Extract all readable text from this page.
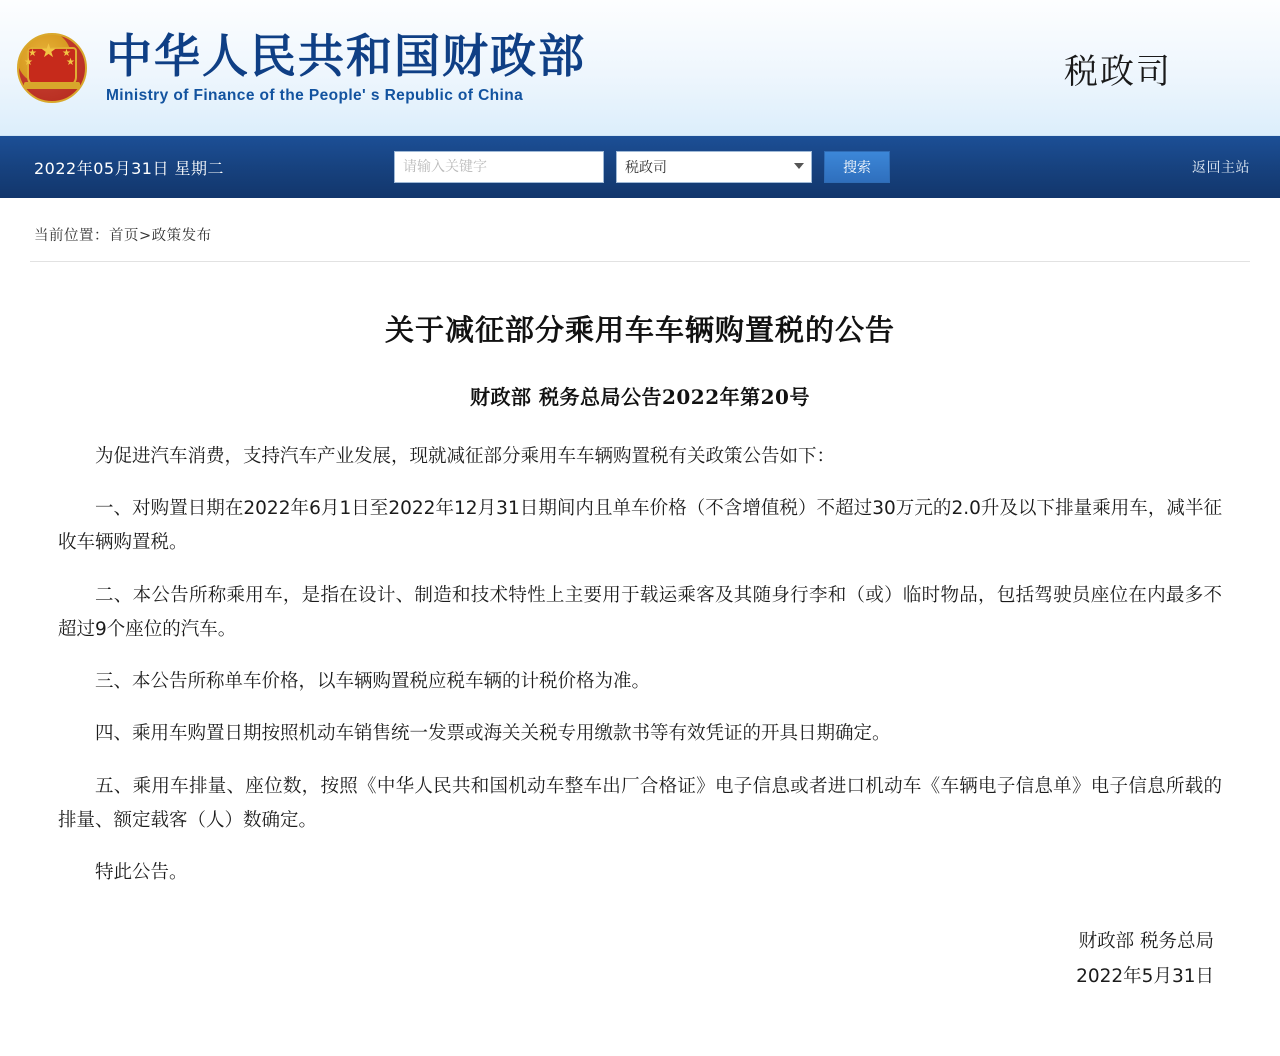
★
★
★
★
★ 中华人民共和国财政部
Ministry of Finance of the People' s Republic of China
税政司
2022年05月31日 星期二
请输入关键字	税政司	搜索	返回主站
当前位置：首页>政策发布
关于减征部分乘用车车辆购置税的公告
财政部 税务总局公告2022年第20号

为促进汽车消费，支持汽车产业发展，现就减征部分乘用车车辆购置税有关政策公告如下：

一、对购置日期在2022年6月1日至2022年12月31日期间内且单车价格（不含增值税）不超过30万元的2.0升及以下排量乘用车，减半征收车辆购置税。

二、本公告所称乘用车，是指在设计、制造和技术特性上主要用于载运乘客及其随身行李和（或）临时物品，包括驾驶员座位在内最多不超过9个座位的汽车。

三、本公告所称单车价格，以车辆购置税应税车辆的计税价格为准。

四、乘用车购置日期按照机动车销售统一发票或海关关税专用缴款书等有效凭证的开具日期确定。

五、乘用车排量、座位数，按照《中华人民共和国机动车整车出厂合格证》电子信息或者进口机动车《车辆电子信息单》电子信息所载的排量、额定载客（人）数确定。

特此公告。

财政部 税务总局
2022年5月31日
